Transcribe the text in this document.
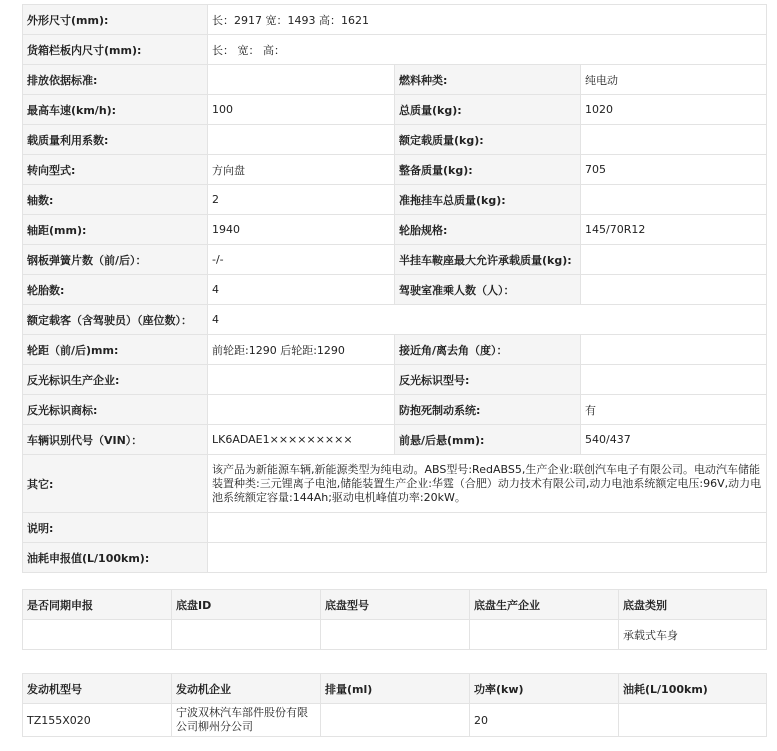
外形尺寸(mm):	长：2917 宽：1493 高：1621		
货箱栏板内尺寸(mm):	长： 宽： 高：		
排放依据标准:		燃料种类:	纯电动
最高车速(km/h):	100	总质量(kg):	1020
载质量利用系数:		额定载质量(kg):	
转向型式:	方向盘	整备质量(kg):	705
轴数:	2	准拖挂车总质量(kg):	
轴距(mm):	1940	轮胎规格:	145/70R12
钢板弹簧片数（前/后）：	-/-	半挂车鞍座最大允许承载质量(kg):	
轮胎数:	4	驾驶室准乘人数（人）：	
额定载客（含驾驶员）（座位数）：	4		
轮距（前/后)mm:	前轮距:1290 后轮距:1290	接近角/离去角（度）：	
反光标识生产企业:		反光标识型号:	
反光标识商标:		防抱死制动系统:	有
车辆识别代号（VIN）：	LK6ADAE1×××××××××	前悬/后悬(mm):	540/437
其它:	该产品为新能源车辆,新能源类型为纯电动。ABS型号:RedABS5,生产企业:联创汽车电子有限公司。电动汽车储能装置种类:三元锂离子电池,储能装置生产企业:华霆（合肥）动力技术有限公司,动力电池系统额定电压:96V,动力电池系统额定容量:144Ah;驱动电机峰值功率:20kW。		
说明:			
油耗申报值(L/100km):			
是否同期申报	底盘ID	底盘型号	底盘生产企业	底盘类别
				承载式车身
发动机型号	发动机企业	排量(ml)	功率(kw)	油耗(L/100km)
TZ155X020	宁波双林汽车部件股份有限公司柳州分公司		20	
